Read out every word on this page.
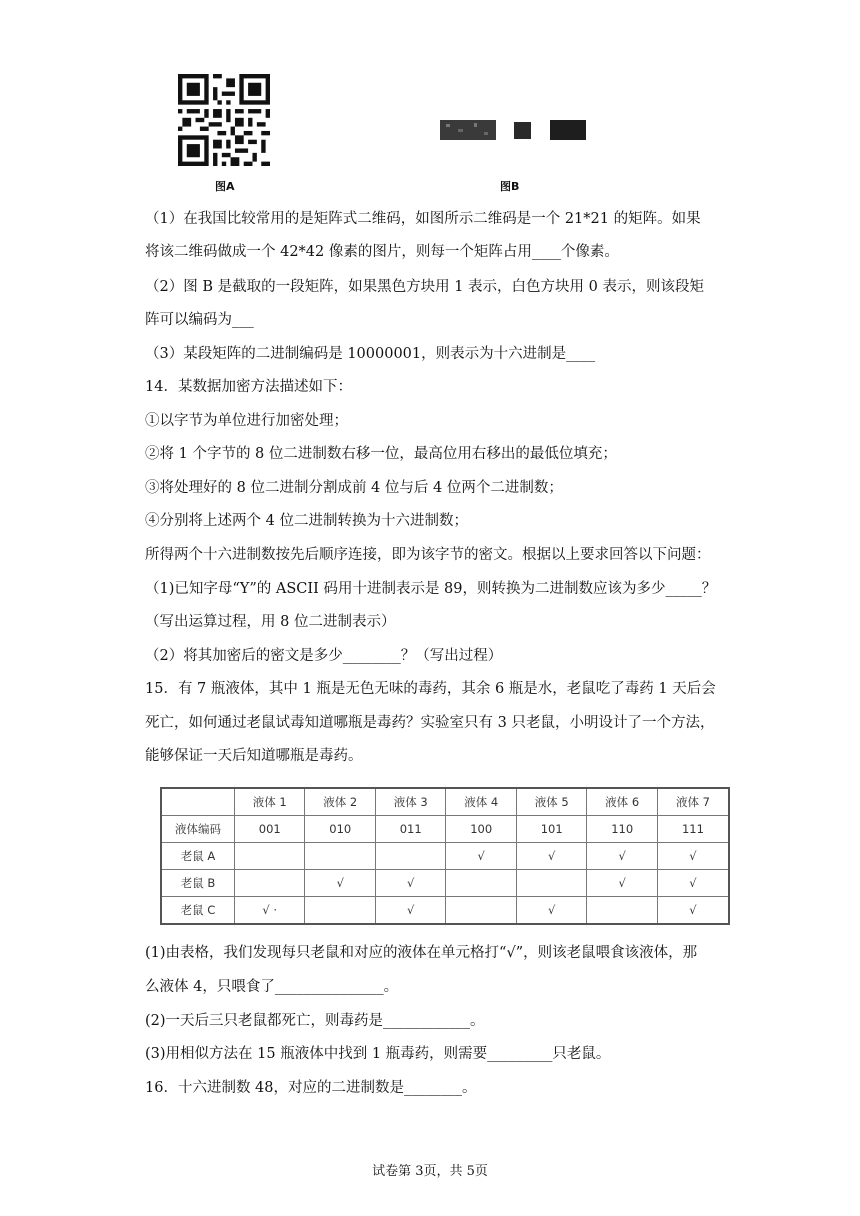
图A	图B
（1）在我国比较常用的是矩阵式二维码，如图所示二维码是一个 21*21 的矩阵。如果
将该二维码做成一个 42*42 像素的图片，则每一个矩阵占用____个像素。
（2）图 B 是截取的一段矩阵，如果黑色方块用 1 表示，白色方块用 0 表示，则该段矩
阵可以编码为___
（3）某段矩阵的二进制编码是 10000001，则表示为十六进制是____
14．某数据加密方法描述如下：
①以字节为单位进行加密处理；
②将 1 个字节的 8 位二进制数右移一位，最高位用右移出的最低位填充；
③将处理好的 8 位二进制分割成前 4 位与后 4 位两个二进制数；
④分别将上述两个 4 位二进制转换为十六进制数；
所得两个十六进制数按先后顺序连接，即为该字节的密文。根据以上要求回答以下问题：
（1)已知字母“Y”的 ASCII 码用十进制表示是 89，则转换为二进制数应该为多少_____？
（写出运算过程，用 8 位二进制表示）
（2）将其加密后的密文是多少________？（写出过程）
15．有 7 瓶液体，其中 1 瓶是无色无味的毒药，其余 6 瓶是水，老鼠吃了毒药 1 天后会
死亡，如何通过老鼠试毒知道哪瓶是毒药？实验室只有 3 只老鼠，小明设计了一个方法，
能够保证一天后知道哪瓶是毒药。
	液体 1	液体 2	液体 3	液体 4	液体 5	液体 6	液体 7
液体编码	001	010	011	100	101	110	111
老鼠 A				√	√	√	√
老鼠 B		√	√			√	√
老鼠 C	√ ·		√		√		√
(1)由表格，我们发现每只老鼠和对应的液体在单元格打“√”，则该老鼠喂食该液体，那
么液体 4，只喂食了_______________。
(2)一天后三只老鼠都死亡，则毒药是____________。
(3)用相似方法在 15 瓶液体中找到 1 瓶毒药，则需要_________只老鼠。
16．十六进制数 48，对应的二进制数是________。
试卷第 3页，共 5页
